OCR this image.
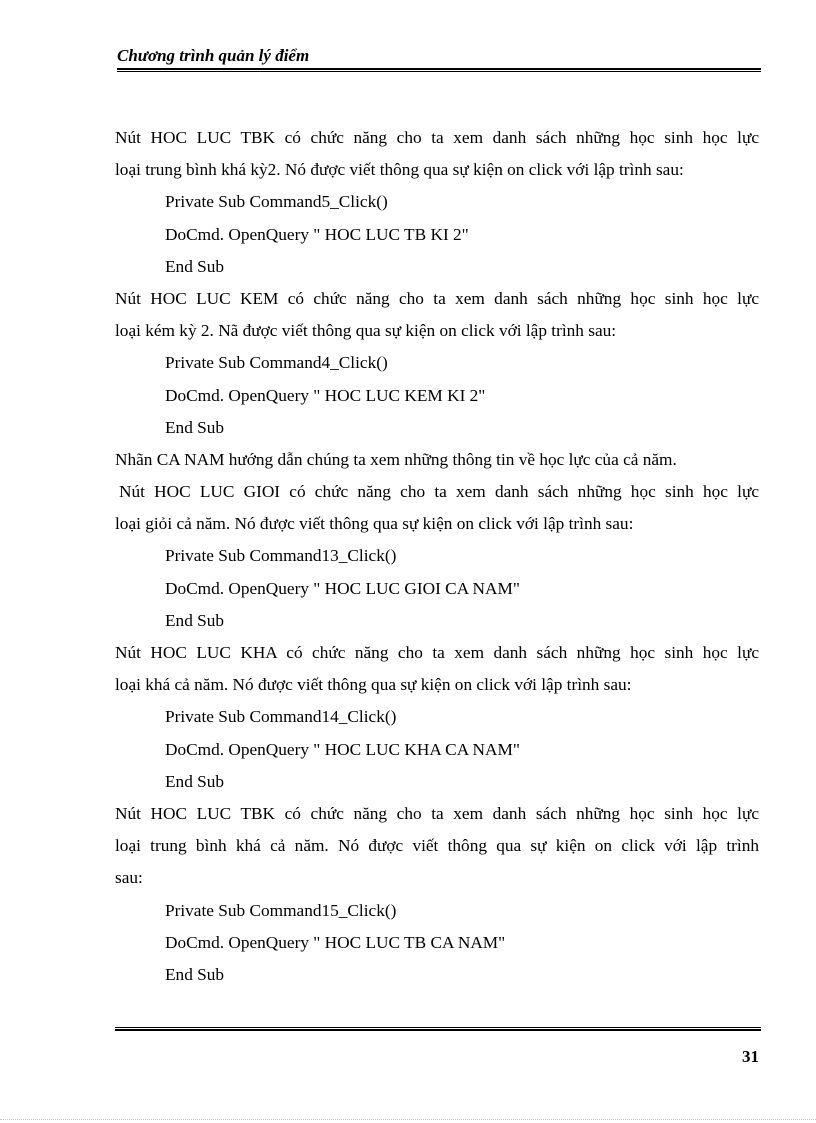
Chương trình quản lý điểm
Nút HOC LUC TBK có chức năng cho ta xem danh sách những học sinh học lực
loại trung bình khá kỳ2. Nó được viết thông qua sự kiện on click với lập trình sau:
Private Sub Command5_Click()
DoCmd. OpenQuery " HOC LUC TB KI 2"
End Sub
Nút HOC LUC KEM có chức năng cho ta xem danh sách những học sinh học lực
loại kém kỳ 2. Nã được viết thông qua sự kiện on click với lập trình sau:
Private Sub Command4_Click()
DoCmd. OpenQuery " HOC LUC KEM KI 2"
End Sub
Nhãn CA NAM hướng dẫn chúng ta xem những thông tin về học lực của cả năm.
Nút HOC LUC GIOI có chức năng cho ta xem danh sách những học sinh học lực
loại giỏi cả năm. Nó được viết thông qua sự kiện on click với lập trình sau:
Private Sub Command13_Click()
DoCmd. OpenQuery " HOC LUC GIOI CA NAM"
End Sub
Nút HOC LUC KHA có chức năng cho ta xem danh sách những học sinh học lực
loại khá cả năm. Nó được viết thông qua sự kiện on click với lập trình sau:
Private Sub Command14_Click()
DoCmd. OpenQuery " HOC LUC KHA CA NAM"
End Sub
Nút HOC LUC TBK có chức năng cho ta xem danh sách những học sinh học lực
loại trung bình khá cả năm. Nó được viết thông qua sự kiện on click với lập trình
sau:
Private Sub Command15_Click()
DoCmd. OpenQuery " HOC LUC TB CA NAM"
End Sub
31
